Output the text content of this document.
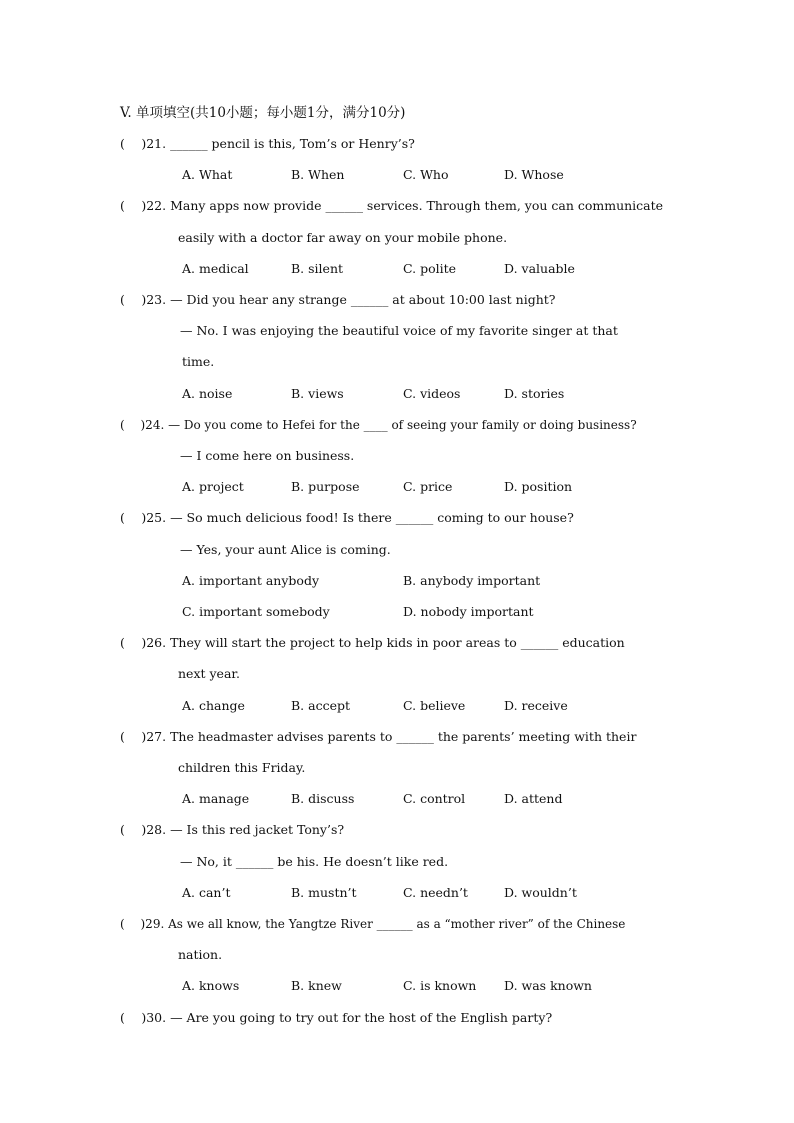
V. 单项填空(共10小题；每小题1分，满分10分)
(　 )21. ______ pencil is this, Tom’s or Henry’s?
A. What	B. When	C. Who	D. Whose
(　 )22. Many apps now provide ______ services. Through them, you can communicate
easily with a doctor far away on your mobile phone.
A. medical	B. silent	C. polite	D. valuable
(　 )23. — Did you hear any strange ______ at about 10:00 last night?
— No. I was enjoying the beautiful voice of my favorite singer at that
time.
A. noise	B. views	C. videos	D. stories
(　 )24. — Do you come to Hefei for the ____ of seeing your family or doing business?
— I come here on business.
A. project	B. purpose	C. price	D. position
(　 )25. — So much delicious food! Is there ______ coming to our house?
— Yes, your aunt Alice is coming.
A. important anybody	B. anybody important
C. important somebody	D. nobody important
(　 )26. They will start the project to help kids in poor areas to ______ education
next year.
A. change	B. accept	C. believe	D. receive
(　 )27. The headmaster advises parents to ______ the parents’ meeting with their
children this Friday.
A. manage	B. discuss	C. control	D. attend
(　 )28. — Is this red jacket Tony’s?
— No, it ______ be his. He doesn’t like red.
A. can’t	B. mustn’t	C. needn’t	D. wouldn’t
(　 )29. As we all know, the Yangtze River ______ as a “mother river” of the Chinese
nation.
A. knows	B. knew	C. is known D. was known
(　 )30. — Are you going to try out for the host of the English party?
